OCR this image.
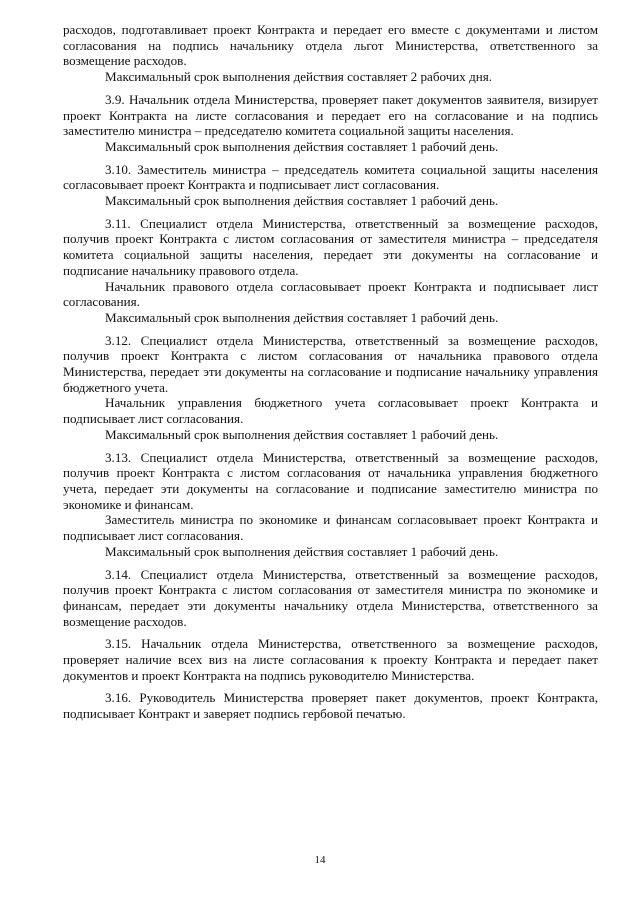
расходов, подготавливает проект Контракта и передает его вместе с документами и листом согласования на подпись начальнику отдела льгот Министерства, ответственного за возмещение расходов.

Максимальный срок выполнения действия составляет 2 рабочих дня.

3.9. Начальник отдела Министерства, проверяет пакет документов заявителя, визирует проект Контракта на листе согласования и передает его на согласование и на подпись заместителю министра – председателю комитета социальной защиты населения.

Максимальный срок выполнения действия составляет 1 рабочий день.

3.10. Заместитель министра – председатель комитета социальной защиты населения согласовывает проект Контракта и подписывает лист согласования.

Максимальный срок выполнения действия составляет 1 рабочий день.

3.11. Специалист отдела Министерства, ответственный за возмещение расходов, получив проект Контракта с листом согласования от заместителя министра – председателя комитета социальной защиты населения, передает эти документы на согласование и подписание начальнику правового отдела.

Начальник правового отдела согласовывает проект Контракта и подписывает лист согласования.

Максимальный срок выполнения действия составляет 1 рабочий день.

3.12. Специалист отдела Министерства, ответственный за возмещение расходов, получив проект Контракта с листом согласования от начальника правового отдела Министерства, передает эти документы на согласование и подписание начальнику управления бюджетного учета.

Начальник управления бюджетного учета согласовывает проект Контракта и подписывает лист согласования.

Максимальный срок выполнения действия составляет 1 рабочий день.

3.13. Специалист отдела Министерства, ответственный за возмещение расходов, получив проект Контракта с листом согласования от начальника управления бюджетного учета, передает эти документы на согласование и подписание заместителю министра по экономике и финансам.

Заместитель министра по экономике и финансам согласовывает проект Контракта и подписывает лист согласования.

Максимальный срок выполнения действия составляет 1 рабочий день.

3.14. Специалист отдела Министерства, ответственный за возмещение расходов, получив проект Контракта с листом согласования от заместителя министра по экономике и финансам, передает эти документы начальнику отдела Министерства, ответственного за возмещение расходов.

3.15. Начальник отдела Министерства, ответственного за возмещение расходов, проверяет наличие всех виз на листе согласования к проекту Контракта и передает пакет документов и проект Контракта на подпись руководителю Министерства.

3.16. Руководитель Министерства проверяет пакет документов, проект Контракта, подписывает Контракт и заверяет подпись гербовой печатью.

14
